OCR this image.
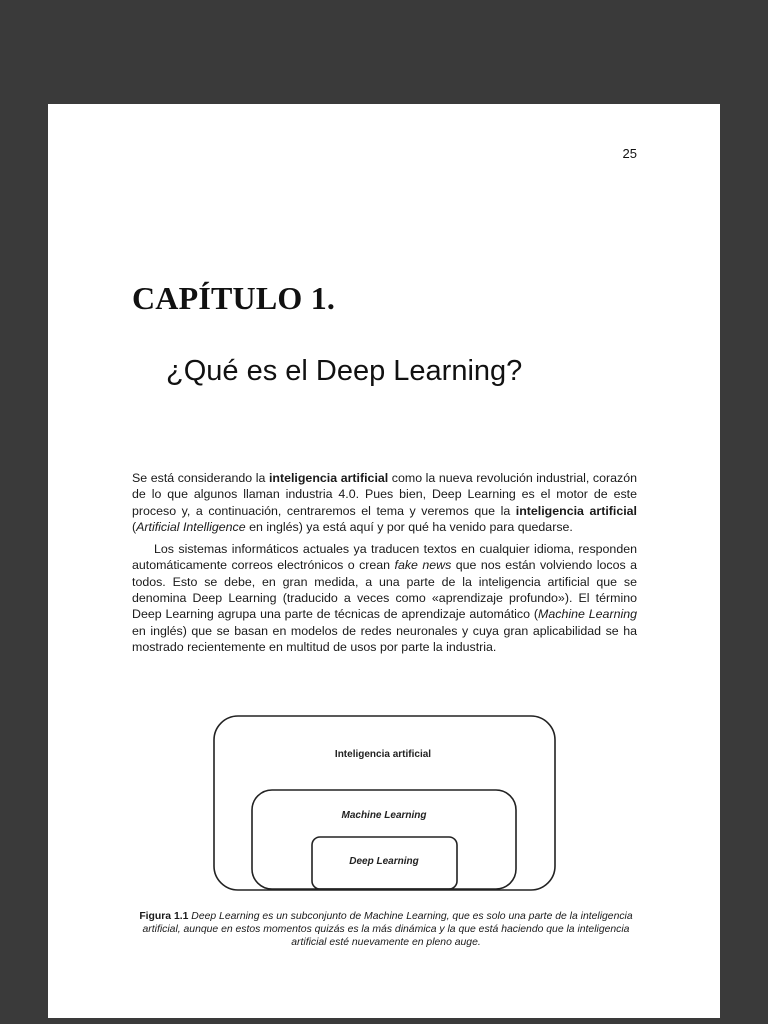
25
CAPÍTULO 1.
¿Qué es el Deep Learning?

Se está considerando la inteligencia artificial como la nueva revolución industrial, corazón de lo que algunos llaman industria 4.0. Pues bien, Deep Learning es el motor de este proceso y, a continuación, centraremos el tema y veremos que la inteligencia artificial (Artificial Intelligence en inglés) ya está aquí y por qué ha venido para quedarse.

Los sistemas informáticos actuales ya traducen textos en cualquier idioma, responden automáticamente correos electrónicos o crean fake news que nos están volviendo locos a todos. Esto se debe, en gran medida, a una parte de la inteligencia artificial que se denomina Deep Learning (traducido a veces como «aprendizaje profundo»). El término Deep Learning agrupa una parte de técnicas de aprendizaje automático (Machine Learning en inglés) que se basan en modelos de redes neuronales y cuya gran aplicabilidad se ha mostrado recientemente en multitud de usos por parte la industria.

Inteligencia artificial
Machine Learning
Deep Learning
Figura 1.1 Deep Learning es un subconjunto de Machine Learning, que es solo una parte de la inteligencia artificial, aunque en estos momentos quizás es la más dinámica y la que está haciendo que la inteligencia artificial esté nuevamente en pleno auge.
